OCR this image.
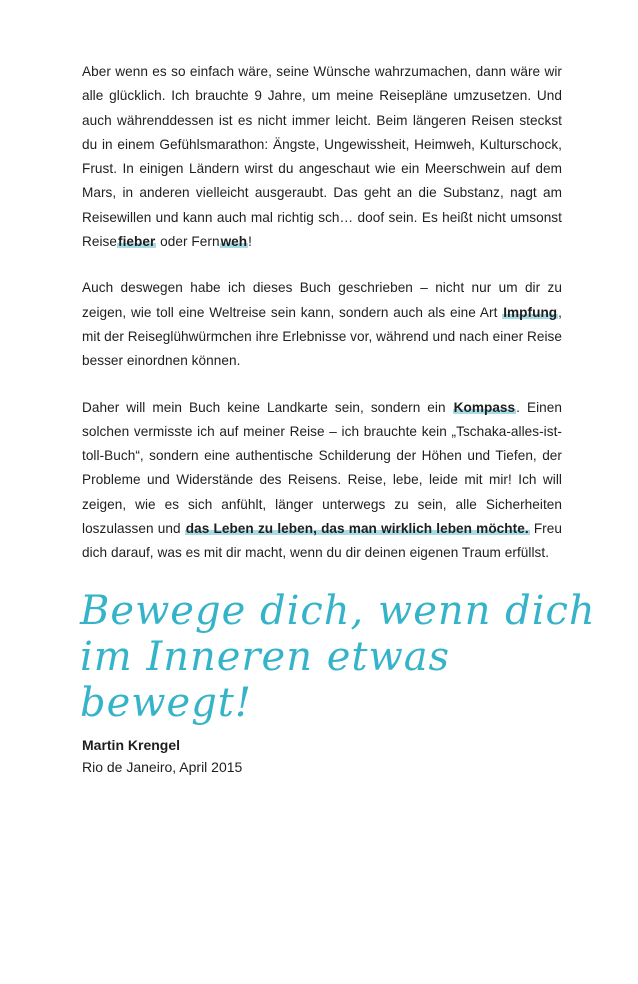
Aber wenn es so einfach wäre, seine Wünsche wahrzumachen, dann wäre wir alle glücklich. Ich brauchte 9 Jahre, um meine Reisepläne umzusetzen. Und auch währenddessen ist es nicht immer leicht. Beim längeren Reisen steckst du in einem Gefühlsmarathon: Ängste, Ungewissheit, Heimweh, Kulturschock, Frust. In einigen Ländern wirst du angeschaut wie ein Meerschwein auf dem Mars, in anderen vielleicht ausgeraubt. Das geht an die Substanz, nagt am Reisewillen und kann auch mal richtig sch… doof sein. Es heißt nicht umsonst Reisefieber oder Fernweh!

Auch deswegen habe ich dieses Buch geschrieben – nicht nur um dir zu zeigen, wie toll eine Weltreise sein kann, sondern auch als eine Art Impfung, mit der Reiseglühwürmchen ihre Erlebnisse vor, während und nach einer Reise besser einordnen können.

Daher will mein Buch keine Landkarte sein, sondern ein Kompass. Einen solchen vermisste ich auf meiner Reise – ich brauchte kein „Tschaka-alles-ist-toll-Buch“, sondern eine authentische Schilderung der Höhen und Tiefen, der Probleme und Widerstände des Reisens. Reise, lebe, leide mit mir! Ich will zeigen, wie es sich anfühlt, länger unterwegs zu sein, alle Sicherheiten loszulassen und das Leben zu leben, das man wirklich leben möchte. Freu dich darauf, was es mit dir macht, wenn du dir deinen eigenen Traum erfüllst.

Bewege dich, wenn dich
im Inneren etwas bewegt!
Martin Krengel
Rio de Janeiro, April 2015
